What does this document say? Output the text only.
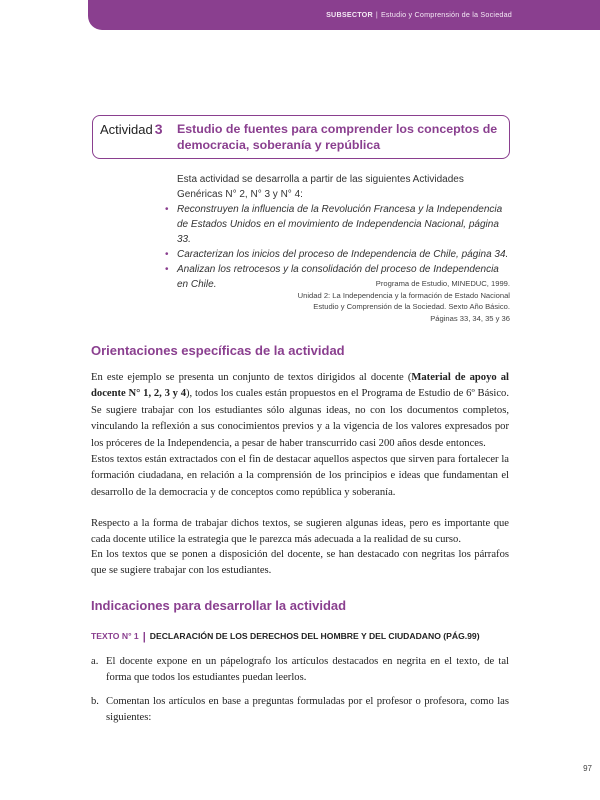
SUBSECTOR | Estudio y Comprensión de la Sociedad
Actividad 3 Estudio de fuentes para comprender los conceptos de democracia, soberanía y república
Esta actividad se desarrolla a partir de las siguientes Actividades Genéricas N° 2, N° 3 y N° 4:
• Reconstruyen la influencia de la Revolución Francesa y la Independencia de Estados Unidos en el movimiento de Independencia Nacional, página 33.
• Caracterizan los inicios del proceso de Independencia de Chile, página 34.
• Analizan los retrocesos y la consolidación del proceso de Independencia en Chile.	Programa de Estudio, MINEDUC, 1999.
Unidad 2: La Independencia y la formación de Estado Nacional
Estudio y Comprensión de la Sociedad. Sexto Año Básico.
Páginas 33, 34, 35 y 36
Orientaciones específicas de la actividad
En este ejemplo se presenta un conjunto de textos dirigidos al docente (Material de apoyo al docente N° 1, 2, 3 y 4), todos los cuales están propuestos en el Programa de Estudio de 6º Básico. Se sugiere trabajar con los estudiantes sólo algunas ideas, no con los documentos completos, vinculando la reflexión a sus conocimientos previos y a la vigencia de los valores expresados por los próceres de la Independencia, a pesar de haber transcurrido casi 200 años desde entonces.
Estos textos están extractados con el fin de destacar aquellos aspectos que sirven para fortalecer la formación ciudadana, en relación a la comprensión de los principios e ideas que fundamentan el desarrollo de la democracia y de conceptos como república y soberanía.
Respecto a la forma de trabajar dichos textos, se sugieren algunas ideas, pero es importante que cada docente utilice la estrategia que le parezca más adecuada a la realidad de su curso.
En los textos que se ponen a disposición del docente, se han destacado con negritas los párrafos que se sugiere trabajar con los estudiantes.
Indicaciones para desarrollar la actividad
TEXTO N° 1 | DECLARACIÓN DE LOS DERECHOS DEL HOMBRE Y DEL CIUDADANO (PÁG.99)
a. El docente expone en un pápelografo los artículos destacados en negrita en el texto, de tal forma que todos los estudiantes puedan leerlos.
b. Comentan los artículos en base a preguntas formuladas por el profesor o profesora, como las siguientes:
97
